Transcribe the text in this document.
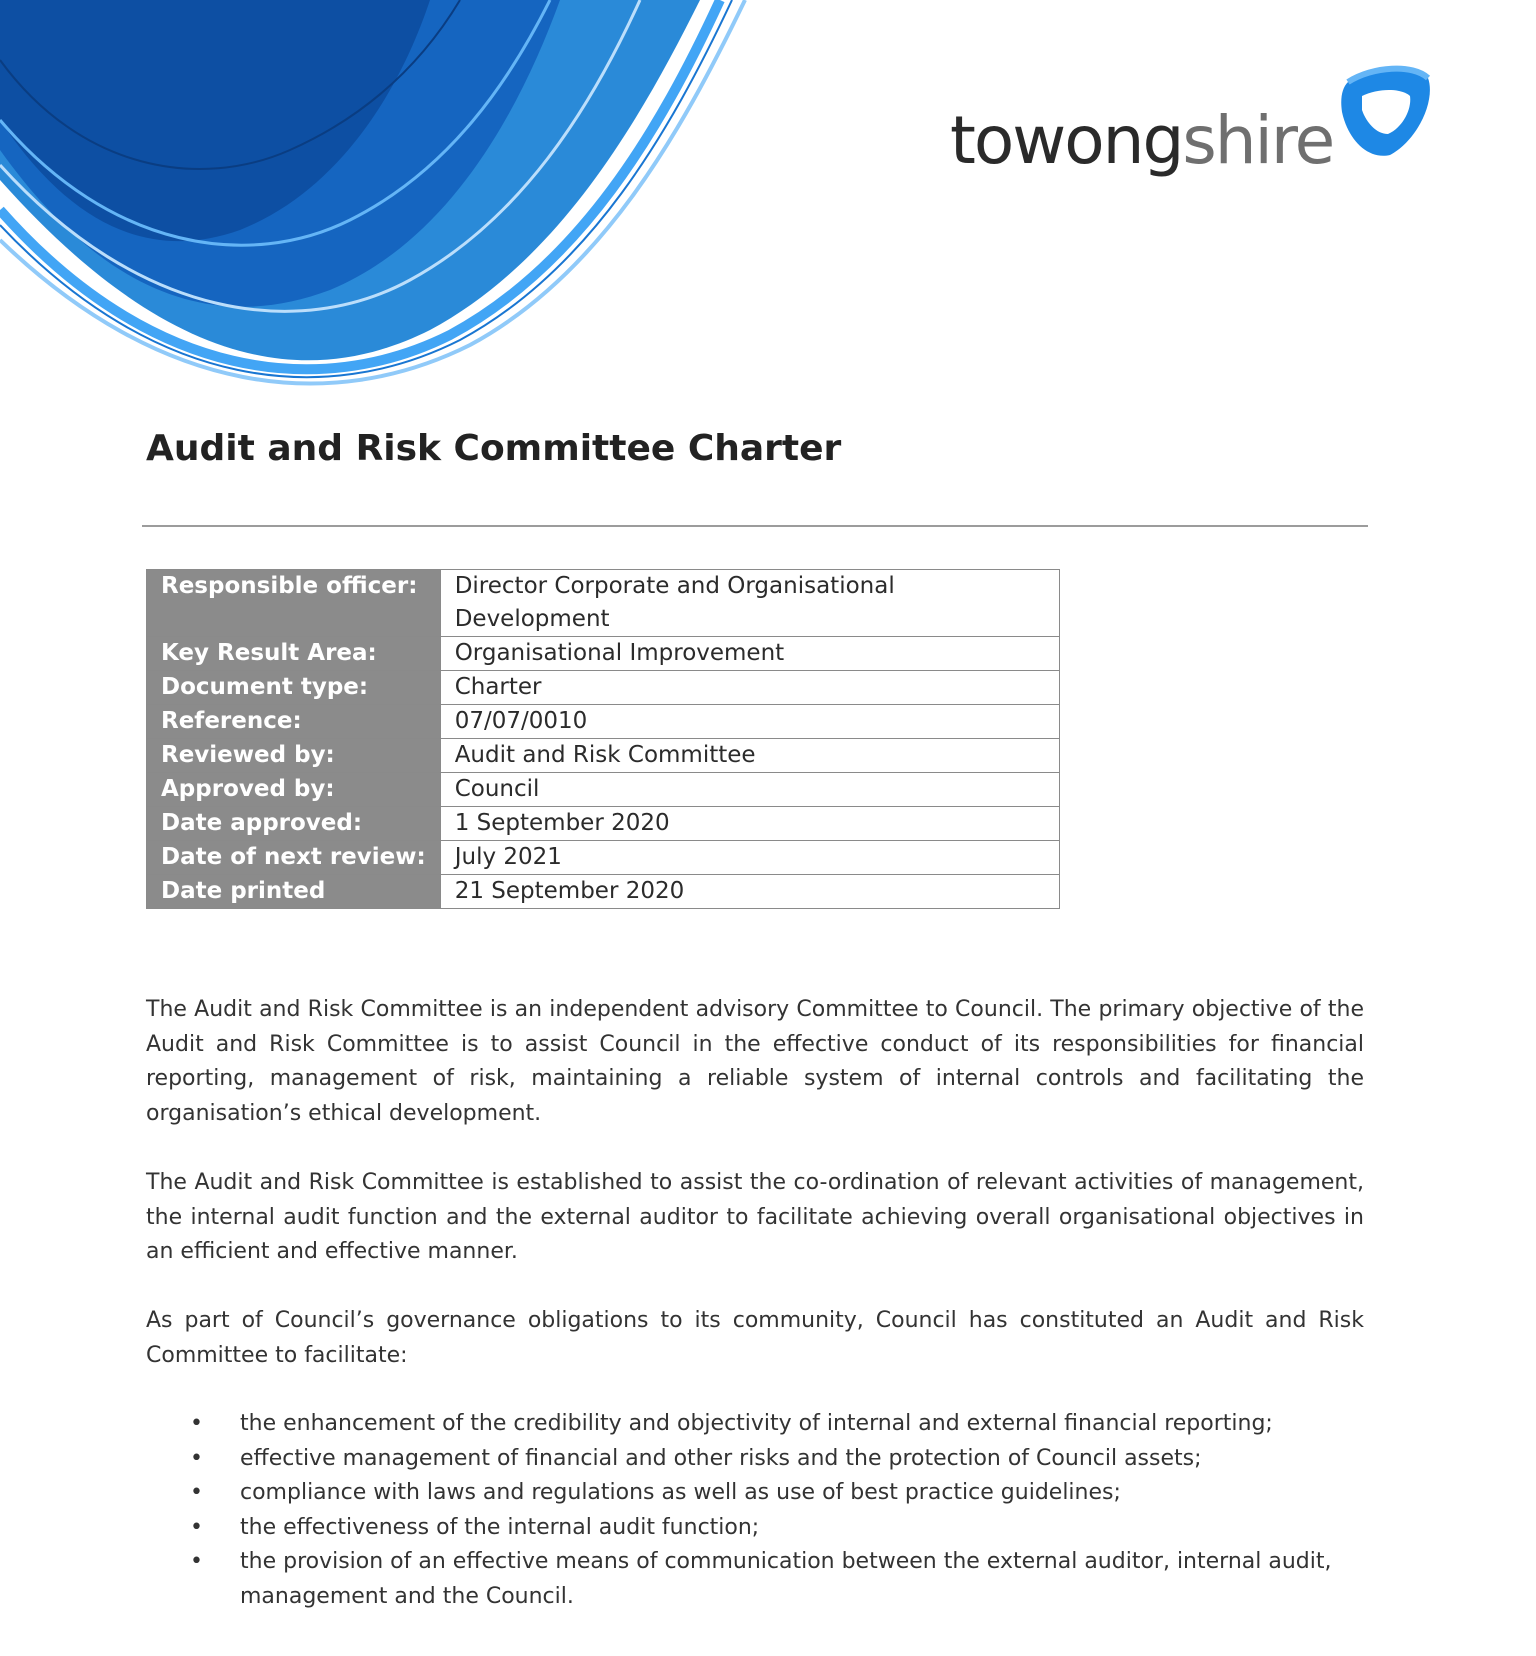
towongshire
Audit and Risk Committee Charter
Responsible officer:	Director Corporate and Organisational Development
Key Result Area:	Organisational Improvement
Document type:	Charter
Reference:	07/07/0010
Reviewed by:	Audit and Risk Committee
Approved by:	Council
Date approved:	1 September 2020
Date of next review:	July 2021
Date printed	21 September 2020

The Audit and Risk Committee is an independent advisory Committee to Council. The primary objective of the Audit and Risk Committee is to assist Council in the effective conduct of its responsibilities for financial reporting, management of risk, maintaining a reliable system of internal controls and facilitating the organisation’s ethical development.

The Audit and Risk Committee is established to assist the co-ordination of relevant activities of management, the internal audit function and the external auditor to facilitate achieving overall organisational objectives in an efficient and effective manner.

As part of Council’s governance obligations to its community, Council has constituted an Audit and Risk Committee to facilitate:

• the enhancement of the credibility and objectivity of internal and external financial reporting;
• effective management of financial and other risks and the protection of Council assets;
• compliance with laws and regulations as well as use of best practice guidelines;
• the effectiveness of the internal audit function;
• the provision of an effective means of communication between the external auditor, internal audit, management and the Council.
